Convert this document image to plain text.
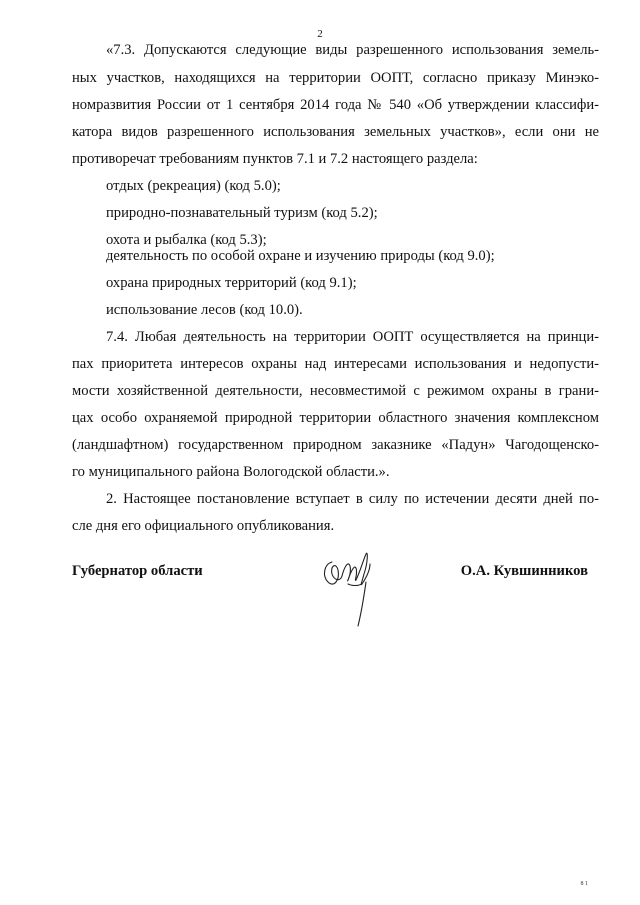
2
«7.3. Допускаются следующие виды разрешенного использования земель-
ных участков, находящихся на территории ООПТ, согласно приказу Минэко-
номразвития России от 1 сентября 2014 года № 540 «Об утверждении классифи-
катора видов разрешенного использования земельных участков», если они не
противоречат требованиям пунктов 7.1 и 7.2 настоящего раздела:
отдых (рекреация) (код 5.0);
природно-познавательный туризм (код 5.2);
охота и рыбалка (код 5.3);
деятельность по особой охране и изучению природы (код 9.0);
охрана природных территорий (код 9.1);
использование лесов (код 10.0).
7.4. Любая деятельность на территории ООПТ осуществляется на принци-
пах приоритета интересов охраны над интересами использования и недопусти-
мости хозяйственной деятельности, несовместимой с режимом охраны в грани-
цах особо охраняемой природной территории областного значения комплексном
(ландшафтном) государственном природном заказнике «Падун» Чагодощенско-
го муниципального района Вологодской области.».
2. Настоящее постановление вступает в силу по истечении десяти дней по-
сле дня его официального опубликования.
Губернатор области	О.А. Кувшинников
8 1
